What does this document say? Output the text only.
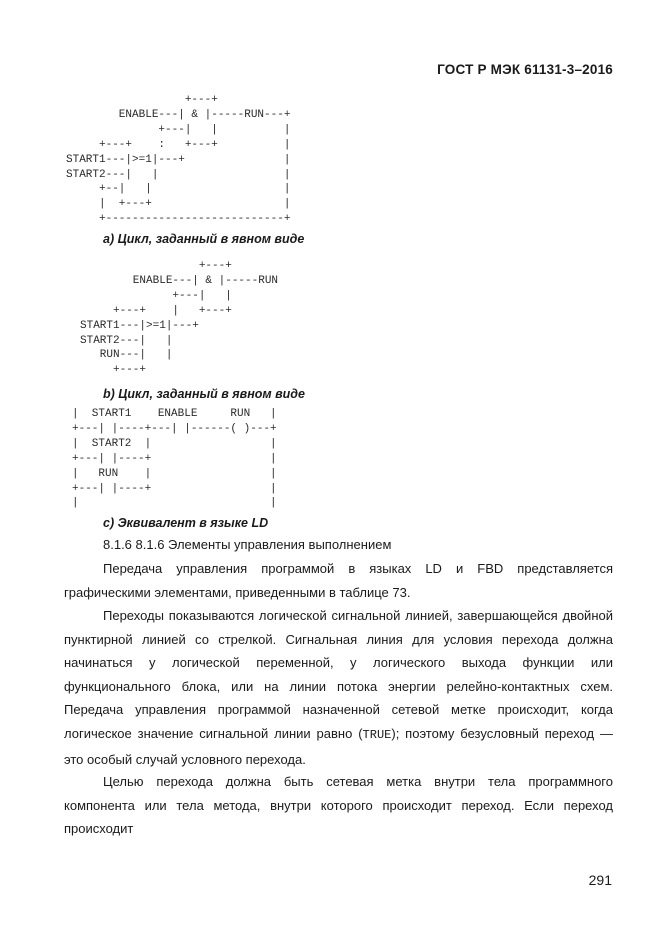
ГОСТ Р МЭК 61131-3–2016
+---+
ENABLE---| & |-----RUN---+
+---|   |          |
+---+    :   +---+          |
START1---|>=1|---+               |
START2---|   |                   |
+--|   |                    |
|  +---+                    |
+---------------------------+
a) Цикл, заданный в явном виде
+---+
ENABLE---| & |-----RUN
+---|   |
+---+    |   +---+
START1---|>=1|---+
START2---|   |
RUN---|   |
+---+
b) Цикл, заданный в явном виде
|  START1    ENABLE     RUN   |
+---| |----+---| |------( )---+
|  START2  |                  |
+---| |----+                  |
|   RUN    |                  |
+---| |----+                  |
|                             |
c) Эквивалент в языке LD
8.1.6 8.1.6 Элементы управления выполнением

Передача управления программой в языках LD и FBD представляется графическими элементами, приведенными в таблице 73.

Переходы показываются логической сигнальной линией, завершающейся двойной пунктирной линией со стрелкой. Сигнальная линия для условия перехода должна начинаться у логической переменной, у логического выхода функции или функционального блока, или на линии потока энергии релейно-контактных схем. Передача управления программой назначенной сетевой метке происходит, когда логическое значение сигнальной линии равно (TRUE); поэтому безусловный переход — это особый случай условного перехода.

Целью перехода должна быть сетевая метка внутри тела программного компонента или тела метода, внутри которого происходит переход. Если переход происходит

291
